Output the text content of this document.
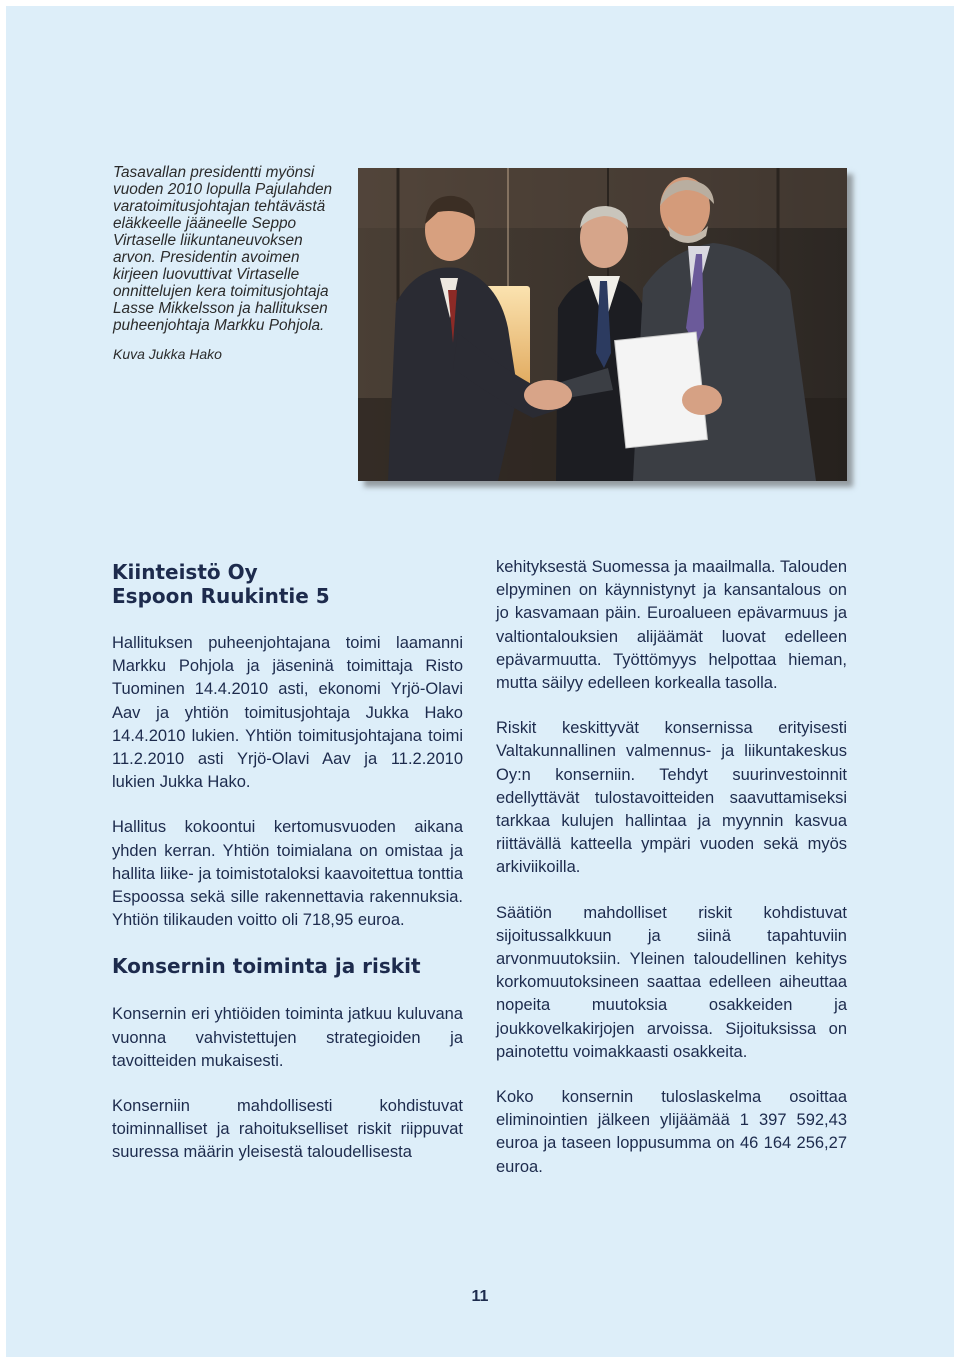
Tasavallan presidentti myönsi vuoden 2010 lopulla Pajulahden varatoimitusjohtajan tehtävästä eläkkeelle jääneelle Seppo Virtaselle liikuntaneuvoksen arvon. Presidentin avoimen kirjeen luovuttivat Virtaselle onnittelujen kera toimitusjohtaja Lasse Mikkelsson ja hallituksen puheenjohtaja Markku Pohjola.

Kuva Jukka Hako

Kiinteistö Oy
Espoon Ruukintie 5

Hallituksen puheenjohtajana toimi laamanni Markku Pohjola ja jäseninä toimittaja Risto Tuominen 14.4.2010 asti, ekonomi Yrjö-Olavi Aav ja yhtiön toimitusjohtaja Jukka Hako 14.4.2010 lukien. Yhtiön toimitusjohtajana toimi 11.2.2010 asti Yrjö-Olavi Aav ja 11.2.2010 lukien Jukka Hako.

Hallitus kokoontui kertomusvuoden aikana yhden kerran. Yhtiön toimialana on omistaa ja hallita liike- ja toimistotaloksi kaavoitettua tonttia Espoossa sekä sille rakennettavia rakennuksia. Yhtiön tilikauden voitto oli 718,95 euroa.

Konsernin toiminta ja riskit

Konsernin eri yhtiöiden toiminta jatkuu kuluvana vuonna vahvistettujen strategioiden ja tavoitteiden mukaisesti.

Konserniin mahdollisesti kohdistuvat toiminnalliset ja rahoitukselliset riskit riippuvat suuressa määrin yleisestä taloudellisesta

kehityksestä Suomessa ja maailmalla. Talouden elpyminen on käynnistynyt ja kansantalous on jo kasvamaan päin. Euroalueen epävarmuus ja valtiontalouksien alijäämät luovat edelleen epävarmuutta. Työttömyys helpottaa hieman, mutta säilyy edelleen korkealla tasolla.

Riskit keskittyvät konsernissa erityisesti Valtakunnallinen valmennus- ja liikuntakeskus Oy:n konserniin. Tehdyt suurinvestoinnit edellyttävät tulostavoitteiden saavuttamiseksi tarkkaa kulujen hallintaa ja myynnin kasvua riittävällä katteella ympäri vuoden sekä myös arkiviikoilla.

Säätiön mahdolliset riskit kohdistuvat sijoitussalkkuun ja siinä tapahtuviin arvonmuutoksiin. Yleinen taloudellinen kehitys korkomuutoksineen saattaa edelleen aiheuttaa nopeita muutoksia osakkeiden ja joukkovelkakirjojen arvoissa. Sijoituksissa on painotettu voimakkaasti osakkeita.

Koko konsernin tuloslaskelma osoittaa eliminointien jälkeen ylijäämää 1 397 592,43 euroa ja taseen loppusumma on 46 164 256,27 euroa.

11
